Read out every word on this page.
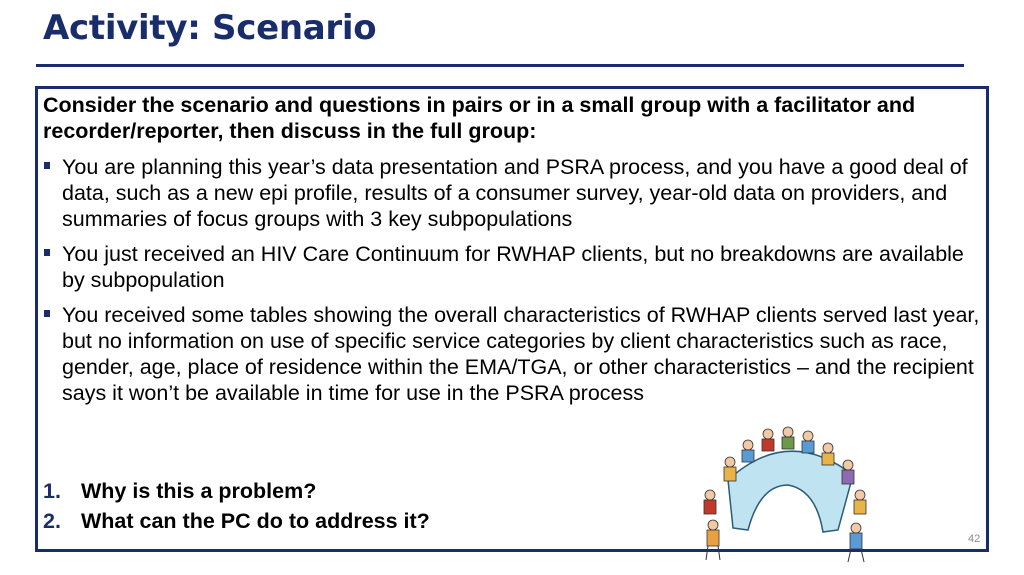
Activity: Scenario

Consider the scenario and questions in pairs or in a small group with a facilitator and recorder/reporter, then discuss in the full group:

You are planning this year’s data presentation and PSRA process, and you have a good deal of data, such as a new epi profile, results of a consumer survey, year-old data on providers, and summaries of focus groups with 3 key subpopulations
You just received an HIV Care Continuum for RWHAP clients, but no breakdowns are available by subpopulation
You received some tables showing the overall characteristics of RWHAP clients served last year, but no information on use of specific service categories by client characteristics such as race, gender, age, place of residence within the EMA/TGA, or other characteristics – and the recipient says it won’t be available in time for use in the PSRA process
1. Why is this a problem?
2. What can the PC do to address it?
42
